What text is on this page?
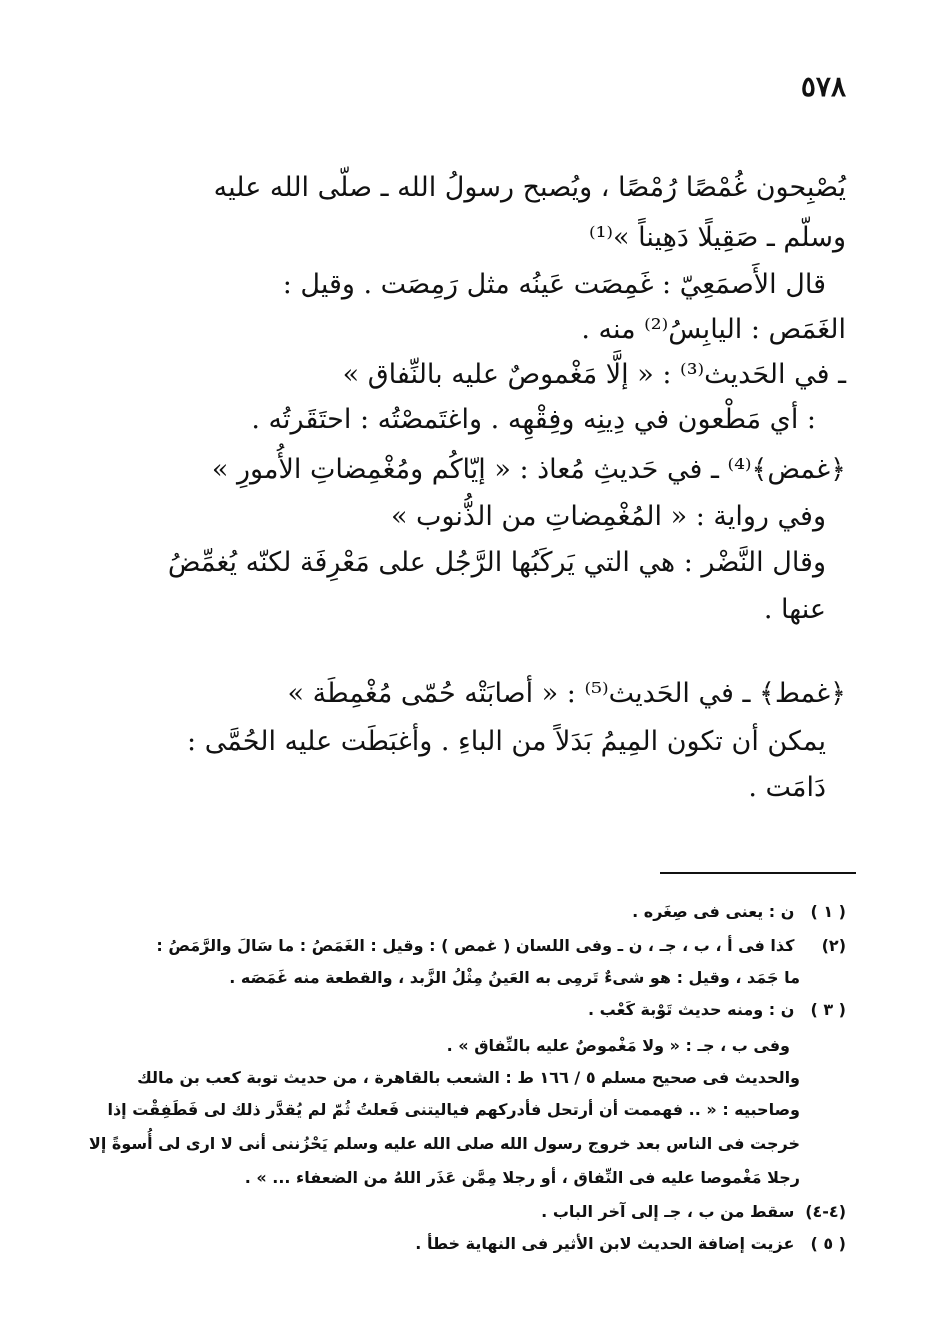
٥٧٨
يُصْبِحون غُمْصًا رُمْصًا ، ويُصبح رسولُ الله ـ صلّى الله عليه
وسلّم ـ صَقِيلًا دَهِيناً »⁽¹⁾
قال الأَصمَعِيّ : غَمِصَت عَينُه مثل رَمِصَت . وقيل :
الغَمَص : اليابِسُ⁽²⁾ منه .
ـ في الحَديث⁽³⁾ : « إلَّا مَغْموصٌ عليه بالنِّفاق »
: أي مَطْعون في دِينِه وفِقْهِه . واغتَمصْتُه : احتَقَرتُه .
﴿غمض﴾⁽⁴⁾ ـ في حَديثِ مُعاذ : « إيّاكُم ومُغْمِضاتِ الأُمورِ »
وفي رواية : « المُغْمِضاتِ من الذُّنوب »
وقال النَّضْر : هي التي يَركَبُها الرَّجُل على مَعْرِفَة لكنّه يُغمِّضُ
عنها .
﴿غمط﴾ ـ في الحَديث⁽⁵⁾ : « أصابَتْه حُمّى مُغْمِطَة »
يمكن أن تكون المِيمُ بَدَلاً من الباءِ . وأغبَطَت عليه الحُمَّى :
دَامَت .
( ١ ) ن : يعنى فى صِغَره .
(٢) كذا فى أ ، ب ، جـ ، ن ـ وفى اللسان ( غمص ) : وقيل : الغَمَصُ : ما سَالَ والرَّمَصُ :
ما جَمَد ، وقيل : هو شىءٌ تَرمِى به العَينُ مِثْلُ الزَّبد ، والقطعة منه غَمَصَه .
( ٣ ) ن : ومنه حديث تَوْبة كَعْب .
وفى ب ، جـ : « ولا مَغْموصٌ عليه بالنِّفاق » .
والحديث فى صحيح مسلم ٥ / ١٦٦ ط : الشعب بالقاهرة ، من حديث توبة كعب بن مالك
وصاحبيه : « .. فهممت أن أرتحل فأدركهم فياليتنى فَعلتُ ثُمّ لم يُقدَّر ذلك لى فَطَفِقْت إذا
خرجت فى الناس بعد خروج رسول الله صلى الله عليه وسلم يَحْزُننى أنى لا ارى لى أُسوةً إلا
رجلا مَغْموصا عليه فى النِّفاق ، أو رجلا مِمَّن عَذَر اللهُ من الضعفاء ... » .
(٤-٤) سقط من ب ، جـ إلى آخر الباب .
( ٥ ) عزيت إضافة الحديث لابن الأثير فى النهاية خطأ .
